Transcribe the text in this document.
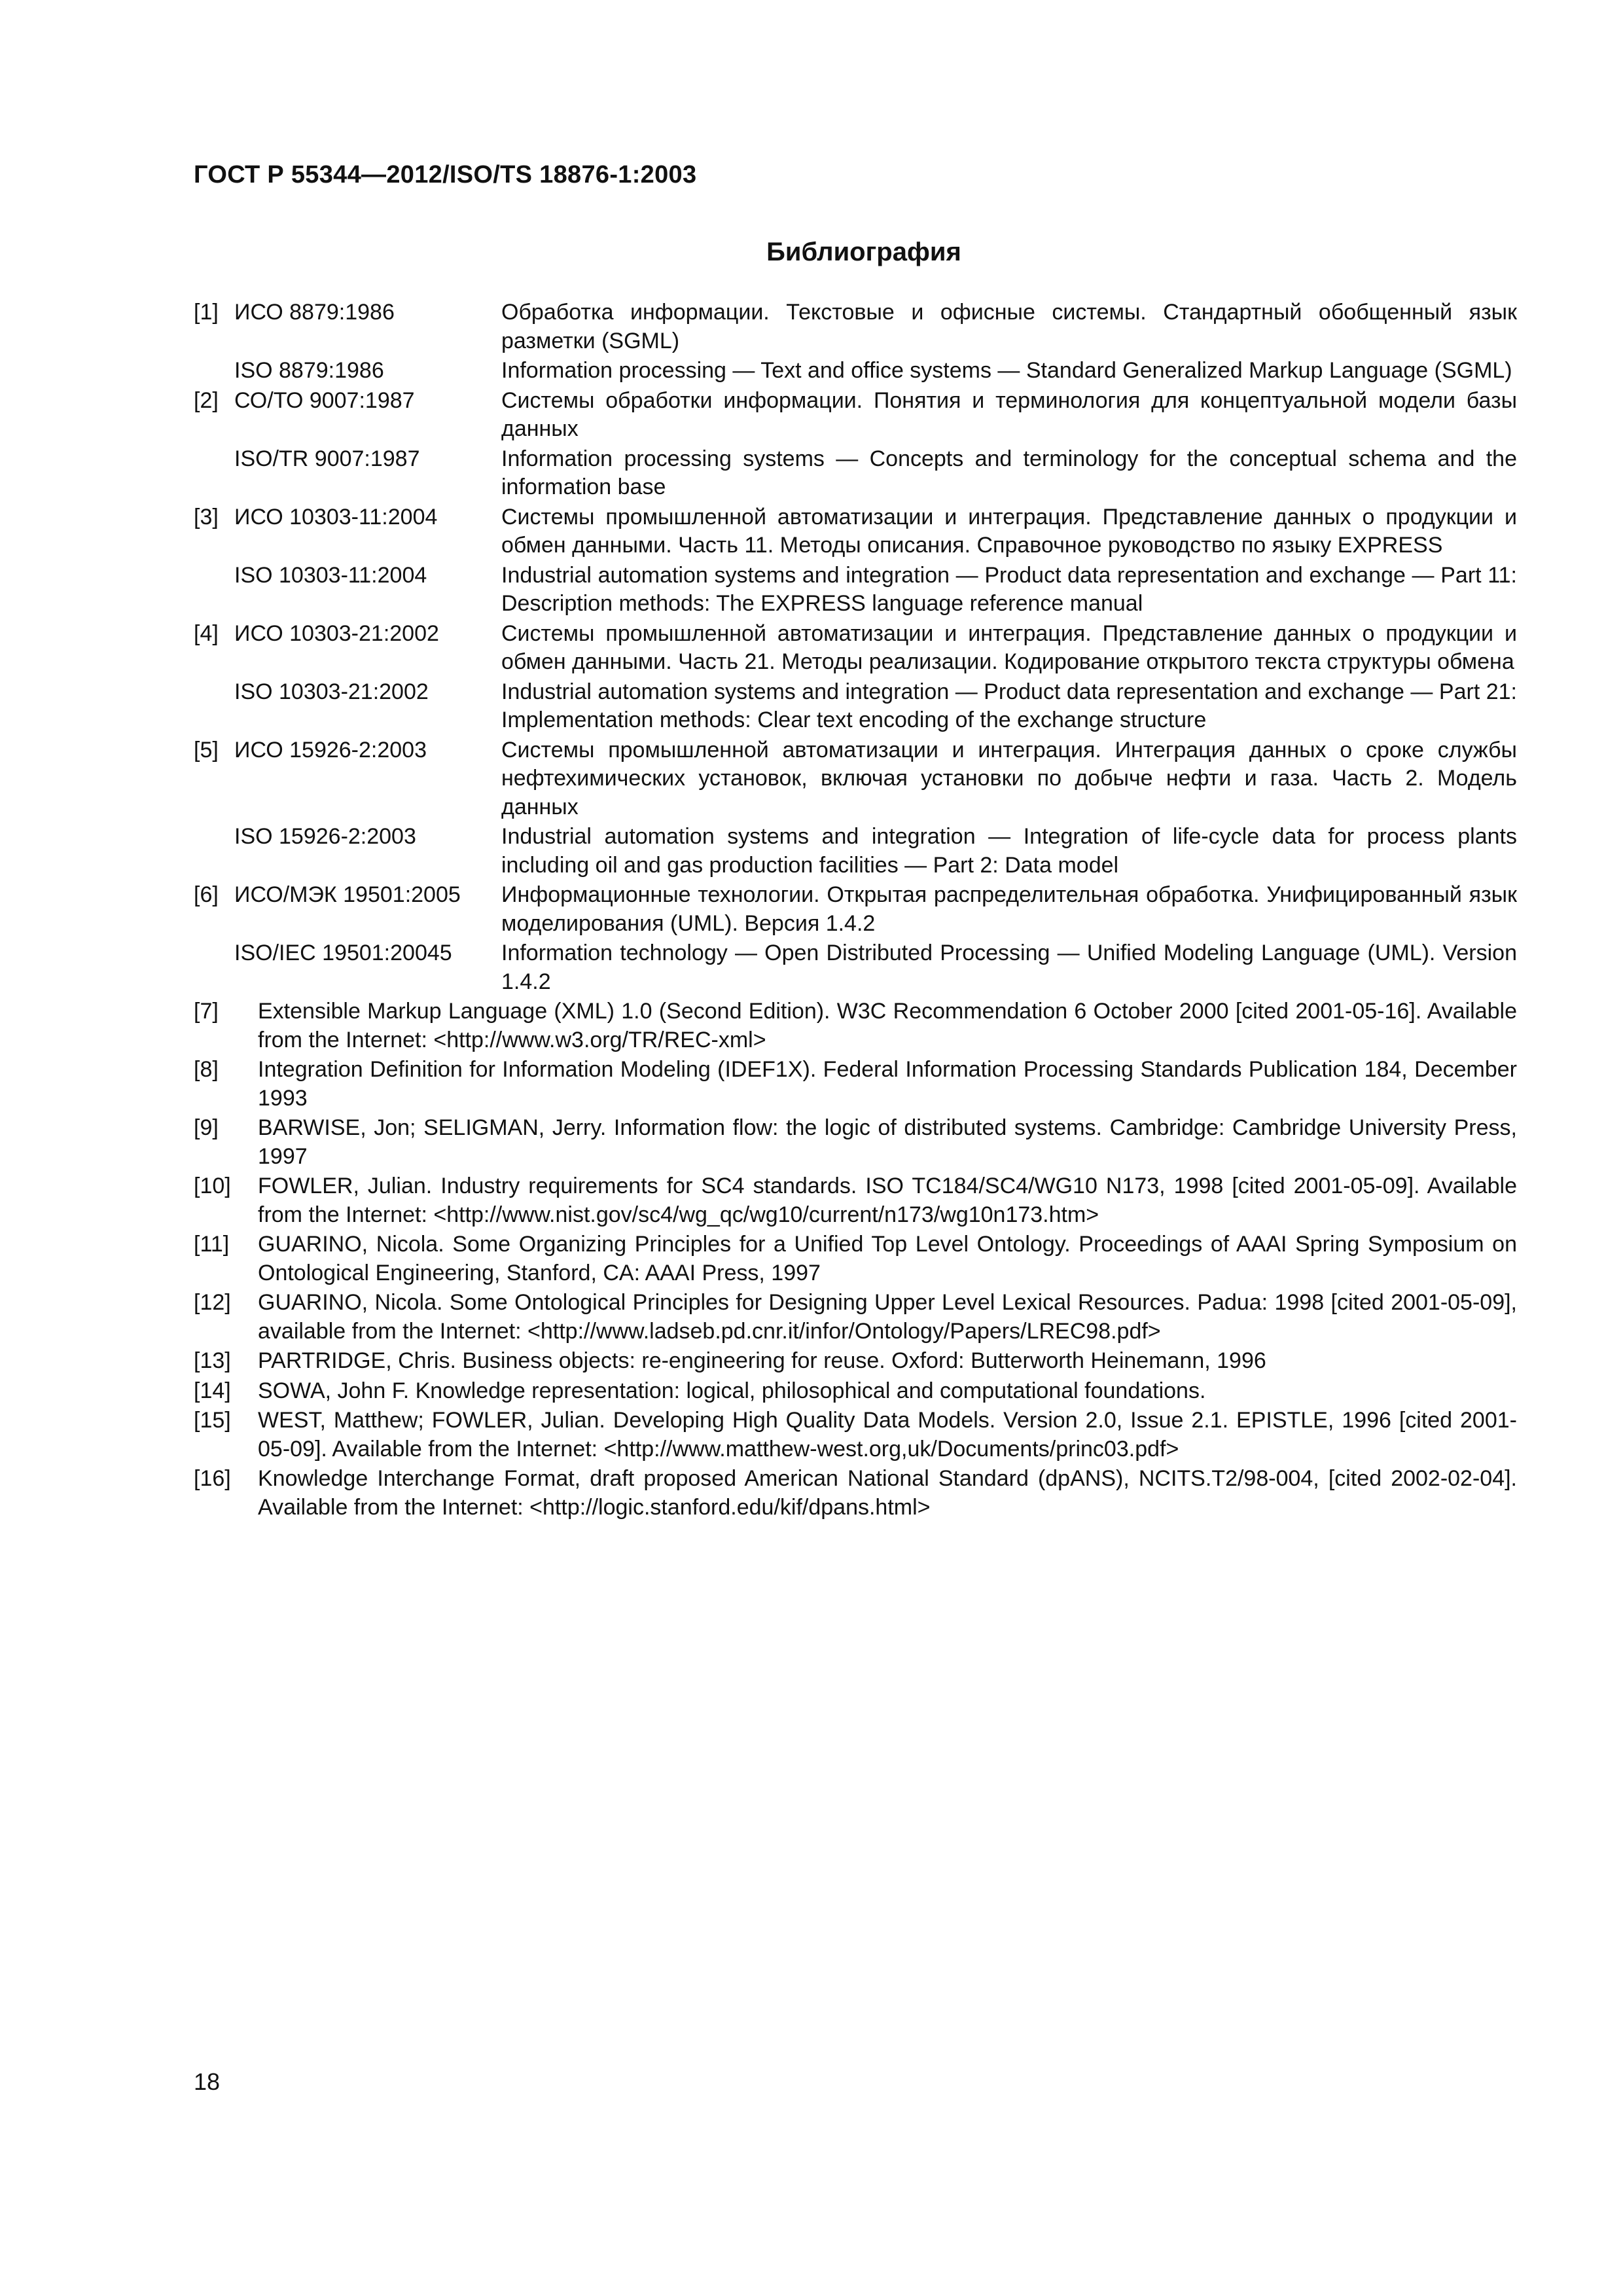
ГОСТ Р 55344—2012/ISO/TS 18876-1:2003
Библиография
[1] ИСО 8879:1986	Обработка информации. Текстовые и офисные системы. Стандартный обобщенный язык разметки (SGML)
ISO 8879:1986	Information processing — Text and office systems — Standard Generalized Markup Language (SGML)
[2] СО/ТО 9007:1987	Системы обработки информации. Понятия и терминология для концептуальной модели базы данных
ISO/TR 9007:1987	Information processing systems — Concepts and terminology for the conceptual schema and the information base
[3] ИСО 10303-11:2004	Системы промышленной автоматизации и интеграция. Представление данных о продукции и обмен данными. Часть 11. Методы описания. Справочное руководство по языку EXPRESS
ISO 10303-11:2004	Industrial automation systems and integration — Product data representation and exchange — Part 11: Description methods: The EXPRESS language reference manual
[4] ИСО 10303-21:2002	Системы промышленной автоматизации и интеграция. Представление данных о продукции и обмен данными. Часть 21. Методы реализации. Кодирование открытого текста структуры обмена
ISO 10303-21:2002	Industrial automation systems and integration — Product data representation and exchange — Part 21: Implementation methods: Clear text encoding of the exchange structure
[5] ИСО 15926-2:2003	Системы промышленной автоматизации и интеграция. Интеграция данных о сроке службы нефтехимических установок, включая установки по добыче нефти и газа. Часть 2. Модель данных
ISO 15926-2:2003	Industrial automation systems and integration — Integration of life-cycle data for process plants including oil and gas production facilities — Part 2: Data model
[6] ИСО/МЭК 19501:2005	Информационные технологии. Открытая распределительная обработка. Унифицированный язык моделирования (UML). Версия 1.4.2
ISO/IEC 19501:20045	Information technology — Open Distributed Processing — Unified Modeling Language (UML). Version 1.4.2
[7]	Extensible Markup Language (XML) 1.0 (Second Edition). W3C Recommendation 6 October 2000 [cited 2001-05-16]. Available from the Internet: <http://www.w3.org/TR/REC-xml>
[8]	Integration Definition for Information Modeling (IDEF1X). Federal Information Processing Standards Publication 184, December 1993
[9]	BARWISE, Jon; SELIGMAN, Jerry. Information flow: the logic of distributed systems. Cambridge: Cambridge University Press, 1997
[10]	FOWLER, Julian. Industry requirements for SC4 standards. ISO TC184/SC4/WG10 N173, 1998 [cited 2001-05-09]. Available from the Internet: <http://www.nist.gov/sc4/wg_qc/wg10/current/n173/wg10n173.htm>
[11]	GUARINO, Nicola. Some Organizing Principles for a Unified Top Level Ontology. Proceedings of AAAI Spring Symposium on Ontological Engineering, Stanford, CA: AAAI Press, 1997
[12]	GUARINO, Nicola. Some Ontological Principles for Designing Upper Level Lexical Resources. Padua: 1998 [cited 2001-05-09], available from the Internet: <http://www.ladseb.pd.cnr.it/infor/Ontology/Papers/LREC98.pdf>
[13]	PARTRIDGE, Chris. Business objects: re-engineering for reuse. Oxford: Butterworth Heinemann, 1996
[14]	SOWA, John F. Knowledge representation: logical, philosophical and computational foundations.
[15]	WEST, Matthew; FOWLER, Julian. Developing High Quality Data Models. Version 2.0, Issue 2.1. EPISTLE, 1996 [cited 2001-05-09]. Available from the Internet: <http://www.matthew-west.org,uk/Documents/princ03.pdf>
[16]	Knowledge Interchange Format, draft proposed American National Standard (dpANS), NCITS.T2/98-004, [cited 2002-02-04]. Available from the Internet: <http://logic.stanford.edu/kif/dpans.html>
18
